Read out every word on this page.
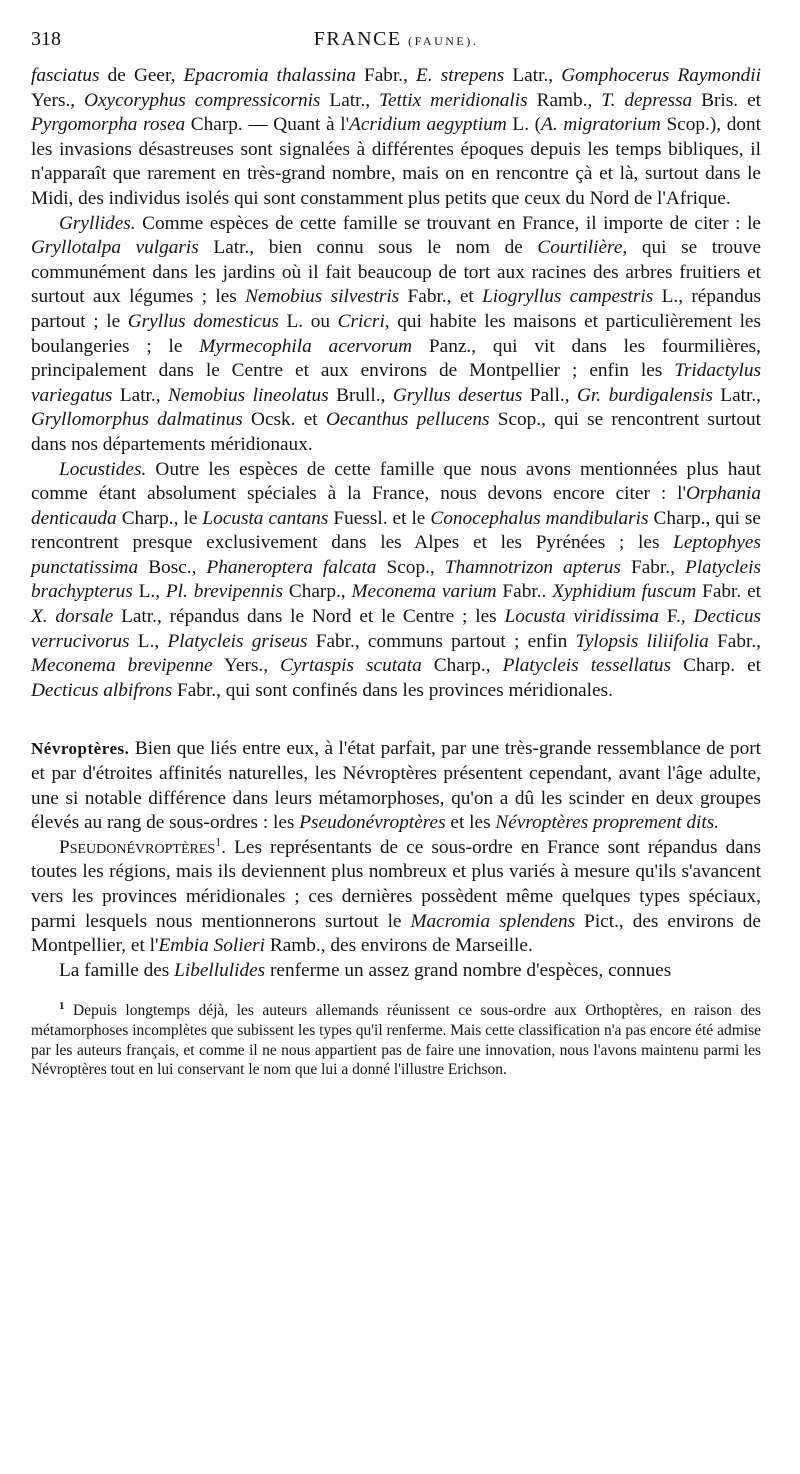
318	FRANCE (FAUNE).

fasciatus de Geer, Epacromia thalassina Fabr., E. strepens Latr., Gomphocerus Raymondii Yers., Oxycoryphus compressicornis Latr., Tettix meridionalis Ramb., T. depressa Bris. et Pyrgomorpha rosea Charp. — Quant à l'Acridium aegyptium L. (A. migratorium Scop.), dont les invasions désastreuses sont signalées à différentes époques depuis les temps bibliques, il n'apparaît que rarement en très-grand nombre, mais on en rencontre çà et là, surtout dans le Midi, des individus isolés qui sont constamment plus petits que ceux du Nord de l'Afrique.

Gryllides. Comme espèces de cette famille se trouvant en France, il importe de citer : le Gryllotalpa vulgaris Latr., bien connu sous le nom de Courtilière, qui se trouve communément dans les jardins où il fait beaucoup de tort aux racines des arbres fruitiers et surtout aux légumes ; les Nemobius silvestris Fabr., et Liogryllus campestris L., répandus partout ; le Gryllus domesticus L. ou Cricri, qui habite les maisons et particulièrement les boulangeries ; le Myrmecophila acervorum Panz., qui vit dans les fourmilières, principalement dans le Centre et aux environs de Montpellier ; enfin les Tridactylus variegatus Latr., Nemobius lineolatus Brull., Gryllus desertus Pall., Gr. burdigalensis Latr., Gryllomorphus dalmatinus Ocsk. et Oecanthus pellucens Scop., qui se rencontrent surtout dans nos départements méridionaux.

Locustides. Outre les espèces de cette famille que nous avons mentionnées plus haut comme étant absolument spéciales à la France, nous devons encore citer : l'Orphania denticauda Charp., le Locusta cantans Fuessl. et le Conocephalus mandibularis Charp., qui se rencontrent presque exclusivement dans les Alpes et les Pyrénées ; les Leptophyes punctatissima Bosc., Phaneroptera falcata Scop., Thamnotrizon apterus Fabr., Platycleis brachypterus L., Pl. brevipennis Charp., Meconema varium Fabr.. Xyphidium fuscum Fabr. et X. dorsale Latr., répandus dans le Nord et le Centre ; les Locusta viridissima F., Decticus verrucivorus L., Platycleis griseus Fabr., communs partout ; enfin Tylopsis liliifolia Fabr., Meconema brevipenne Yers., Cyrtaspis scutata Charp., Platycleis tessellatus Charp. et Decticus albifrons Fabr., qui sont confinés dans les provinces méridionales.

Névroptères. Bien que liés entre eux, à l'état parfait, par une très-grande ressemblance de port et par d'étroites affinités naturelles, les Névroptères présentent cependant, avant l'âge adulte, une si notable différence dans leurs métamorphoses, qu'on a dû les scinder en deux groupes élevés au rang de sous-ordres : les Pseudonévroptères et les Névroptères proprement dits.

Pseudonévroptères$^1$. Les représentants de ce sous-ordre en France sont répandus dans toutes les régions, mais ils deviennent plus nombreux et plus variés à mesure qu'ils s'avancent vers les provinces méridionales ; ces dernières possèdent même quelques types spéciaux, parmi lesquels nous mentionnerons surtout le Macromia splendens Pict., des environs de Montpellier, et l'Embia Solieri Ramb., des environs de Marseille.

La famille des Libellulides renferme un assez grand nombre d'espèces, connues

$^1$ Depuis longtemps déjà, les auteurs allemands réunissent ce sous-ordre aux Orthoptères, en raison des métamorphoses incomplètes que subissent les types qu'il renferme. Mais cette classification n'a pas encore été admise par les auteurs français, et comme il ne nous appartient pas de faire une innovation, nous l'avons maintenu parmi les Névroptères tout en lui conservant le nom que lui a donné l'illustre Erichson.
